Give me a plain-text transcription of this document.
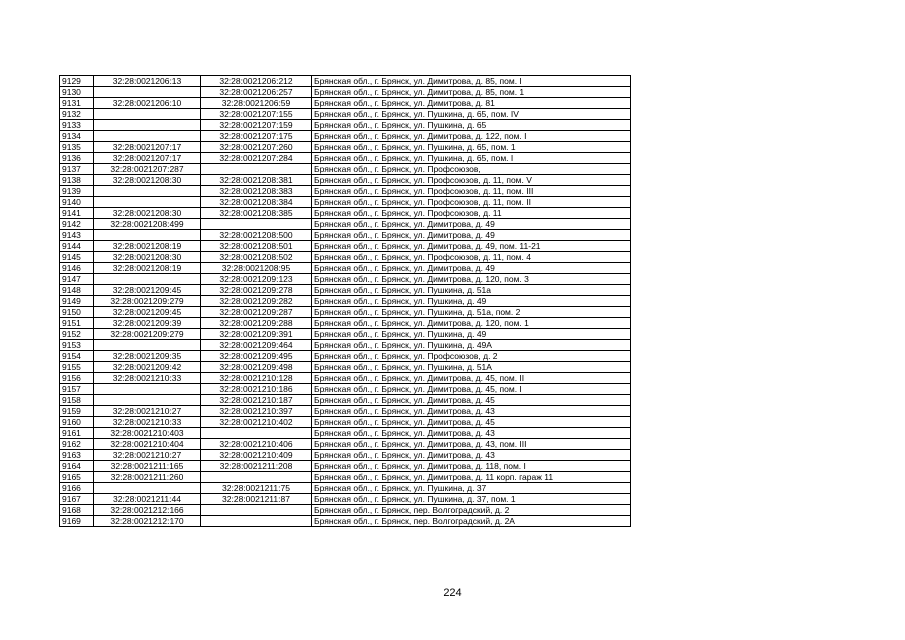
9129	32:28:0021206:13	32:28:0021206:212	Брянская обл., г. Брянск, ул. Димитрова, д. 85, пом. I
9130		32:28:0021206:257	Брянская обл., г. Брянск, ул. Димитрова, д. 85, пом. 1
9131	32:28:0021206:10	32:28:0021206:59	Брянская обл., г. Брянск, ул. Димитрова, д. 81
9132		32:28:0021207:155	Брянская обл., г. Брянск, ул. Пушкина, д. 65, пом. IV
9133		32:28:0021207:159	Брянская обл., г. Брянск, ул. Пушкина, д. 65
9134		32:28:0021207:175	Брянская обл., г. Брянск, ул. Димитрова, д. 122, пом. I
9135	32:28:0021207:17	32:28:0021207:260	Брянская обл., г. Брянск, ул. Пушкина, д. 65, пом. 1
9136	32:28:0021207:17	32:28:0021207:284	Брянская обл., г. Брянск, ул. Пушкина, д. 65, пом. I
9137	32:28:0021207:287		Брянская обл., г. Брянск, ул. Профсоюзов,
9138	32:28:0021208:30	32:28:0021208:381	Брянская обл., г. Брянск, ул. Профсоюзов, д. 11, пом. V
9139		32:28:0021208:383	Брянская обл., г. Брянск, ул. Профсоюзов, д. 11, пом. III
9140		32:28:0021208:384	Брянская обл., г. Брянск, ул. Профсоюзов, д. 11, пом. II
9141	32:28:0021208:30	32:28:0021208:385	Брянская обл., г. Брянск, ул. Профсоюзов, д. 11
9142	32:28:0021208:499		Брянская обл., г. Брянск, ул. Димитрова, д. 49
9143		32:28:0021208:500	Брянская обл., г. Брянск, ул. Димитрова, д. 49
9144	32:28:0021208:19	32:28:0021208:501	Брянская обл., г. Брянск, ул. Димитрова, д. 49, пом. 11-21
9145	32:28:0021208:30	32:28:0021208:502	Брянская обл., г. Брянск, ул. Профсоюзов, д. 11, пом. 4
9146	32:28:0021208:19	32:28:0021208:95	Брянская обл., г. Брянск, ул. Димитрова, д. 49
9147		32:28:0021209:123	Брянская обл., г. Брянск, ул. Димитрова, д. 120, пом. 3
9148	32:28:0021209:45	32:28:0021209:278	Брянская обл., г. Брянск, ул. Пушкина, д. 51а
9149	32:28:0021209:279	32:28:0021209:282	Брянская обл., г. Брянск, ул. Пушкина, д. 49
9150	32:28:0021209:45	32:28:0021209:287	Брянская обл., г. Брянск, ул. Пушкина, д. 51а, пом. 2
9151	32:28:0021209:39	32:28:0021209:288	Брянская обл., г. Брянск, ул. Димитрова, д. 120, пом. 1
9152	32:28:0021209:279	32:28:0021209:391	Брянская обл., г. Брянск, ул. Пушкина, д. 49
9153		32:28:0021209:464	Брянская обл., г. Брянск, ул. Пушкина, д. 49А
9154	32:28:0021209:35	32:28:0021209:495	Брянская обл., г. Брянск, ул. Профсоюзов, д. 2
9155	32:28:0021209:42	32:28:0021209:498	Брянская обл., г. Брянск, ул. Пушкина, д. 51А
9156	32:28:0021210:33	32:28:0021210:128	Брянская обл., г. Брянск, ул. Димитрова, д. 45, пом. II
9157		32:28:0021210:186	Брянская обл., г. Брянск, ул. Димитрова, д. 45, пом. I
9158		32:28:0021210:187	Брянская обл., г. Брянск, ул. Димитрова, д. 45
9159	32:28:0021210:27	32:28:0021210:397	Брянская обл., г. Брянск, ул. Димитрова, д. 43
9160	32:28:0021210:33	32:28:0021210:402	Брянская обл., г. Брянск, ул. Димитрова, д. 45
9161	32:28:0021210:403		Брянская обл., г. Брянск, ул. Димитрова, д. 43
9162	32:28:0021210:404	32:28:0021210:406	Брянская обл., г. Брянск, ул. Димитрова, д. 43, пом. III
9163	32:28:0021210:27	32:28:0021210:409	Брянская обл., г. Брянск, ул. Димитрова, д. 43
9164	32:28:0021211:165	32:28:0021211:208	Брянская обл., г. Брянск, ул. Димитрова, д. 118, пом. I
9165	32:28:0021211:260		Брянская обл., г. Брянск, ул. Димитрова, д. 11 корп. гараж 11
9166		32:28:0021211:75	Брянская обл., г. Брянск, ул. Пушкина, д. 37
9167	32:28:0021211:44	32:28:0021211:87	Брянская обл., г. Брянск, ул. Пушкина, д. 37, пом. 1
9168	32:28:0021212:166		Брянская обл., г. Брянск, пер. Волгоградский, д. 2
9169	32:28:0021212:170		Брянская обл., г. Брянск, пер. Волгоградский, д. 2А
224
